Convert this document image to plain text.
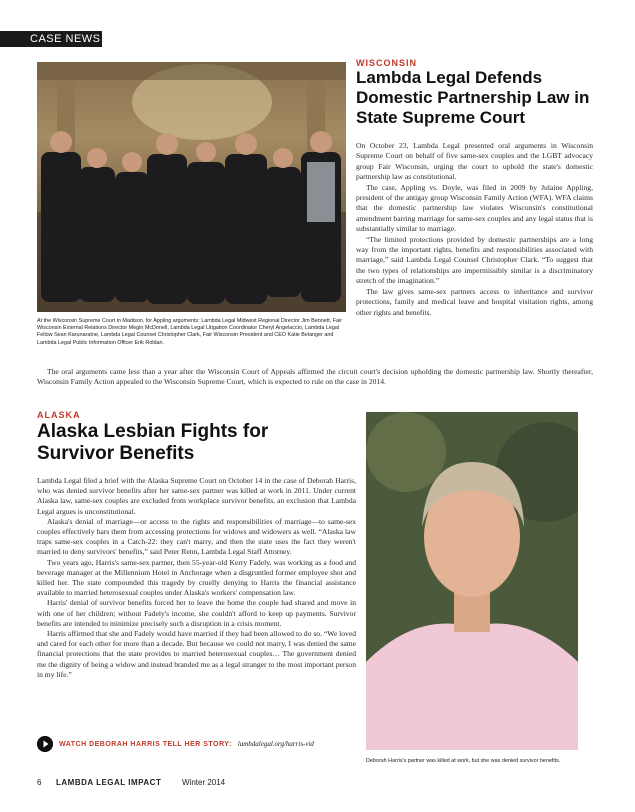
CASE NEWS
At the Wisconsin Supreme Court in Madison, for Appling arguments: Lambda Legal Midwest Regional Director Jim Bennett, Fair Wisconsin External Relations Director Megin McDonell, Lambda Legal Litigation Coordinator Cheryl Angelaccio, Lambda Legal Fellow Sean Karunaratne, Lambda Legal Counsel Christopher Clark, Fair Wisconsin President and CEO Katie Belanger and Lambda Legal Public Information Officer Erik Roldan.
WISCONSIN
Lambda Legal Defends Domestic Partnership Law in State Supreme Court

On October 23, Lambda Legal presented oral arguments in Wisconsin Supreme Court on behalf of five same-sex couples and the LGBT advocacy group Fair Wisconsin, urging the court to uphold the state's domestic partnership law as constitutional.

The case, Appling vs. Doyle, was filed in 2009 by Julaine Appling, president of the antigay group Wisconsin Family Action (WFA). WFA claims that the domestic partnership law violates Wisconsin's constitutional amendment barring marriage for same-sex couples and any legal status that is substantially similar to marriage.

“The limited protections provided by domestic partnerships are a long way from the important rights, benefits and responsibilities associated with marriage,” said Lambda Legal Counsel Christopher Clark. “To suggest that the two types of relationships are impermissibly similar is a discriminatory stretch of the imagination.”

The law gives same-sex partners access to inheritance and survivor protections, family and medical leave and hospital visitation rights, among other rights and benefits.

The oral arguments came less than a year after the Wisconsin Court of Appeals affirmed the circuit court's decision upholding the domestic partnership law. Shortly thereafter, Wisconsin Family Action appealed to the Wisconsin Supreme Court, which is expected to rule on the case in 2014.

ALASKA
Alaska Lesbian Fights for Survivor Benefits

Lambda Legal filed a brief with the Alaska Supreme Court on October 14 in the case of Deborah Harris, who was denied survivor benefits after her same-sex partner was killed at work in 2011. Under current Alaska law, same-sex couples are excluded from workplace survivor benefits, an exclusion that Lambda Legal argues is unconstitutional.

Alaska's denial of marriage—or access to the rights and responsibilities of marriage—to same-sex couples effectively bars them from accessing protections for widows and widowers as well. “Alaska law traps same-sex couples in a Catch-22: they can't marry, and then the state uses the fact they weren't married to deny survivors' benefits,” said Peter Renn, Lambda Legal Staff Attorney.

Two years ago, Harris's same-sex partner, then 55-year-old Kerry Fadely, was working as a food and beverage manager at the Millennium Hotel in Anchorage when a disgruntled former employee shot and killed her. The state compounded this tragedy by cruelly denying to Harris the financial assistance available to married heterosexual couples under Alaska's workers' compensation law.

Harris' denial of survivor benefits forced her to leave the home the couple had shared and move in with one of her children; without Fadely's income, she couldn't afford to keep up payments. Survivor benefits are intended to minimize precisely such a disruption in a crisis moment.

Harris affirmed that she and Fadely would have married if they had been allowed to do so. “We loved and cared for each other for more than a decade. But because we could not marry, I was denied the same financial protections that the state provides to married heterosexual couples… The government denied me the dignity of being a widow and instead branded me as a legal stranger to the most important person in my life.”

WATCH DEBORAH HARRIS TELL HER STORY: lambdalegal.org/harris-vid
Deborah Harris's partner was killed at work, but she was denied survivor benefits.
6 LAMBDA LEGAL IMPACT	Winter 2014
